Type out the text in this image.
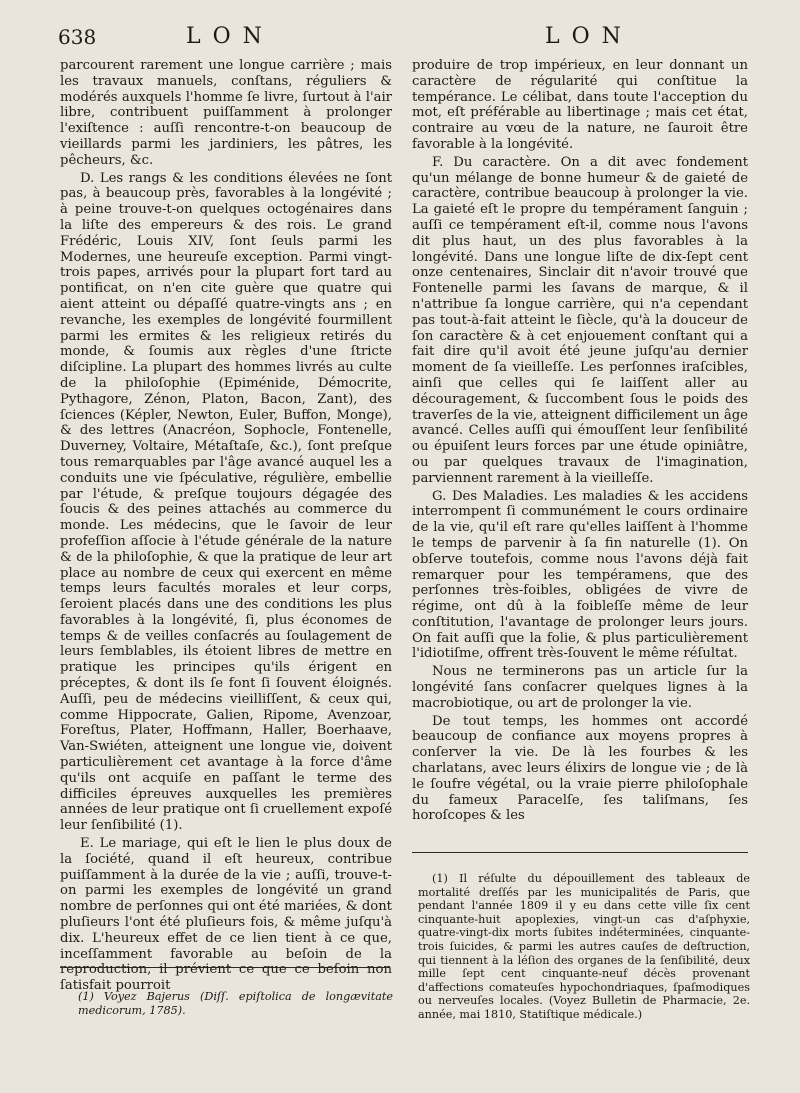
638	LON	LON

parcourent rarement une longue carrière ; mais les travaux manuels, conſtans, réguliers & modérés auxquels l'homme ſe livre, ſurtout à l'air libre, contribuent puiſſamment à prolonger l'exiſtence : auſſi rencontre-t-on beaucoup de vieillards parmi les jardiniers, les pâtres, les pêcheurs, &c.

D. Les rangs & les conditions élevées ne ſont pas, à beaucoup près, favorables à la longévité ; à peine trouve-t-on quelques octogénaires dans la liſte des empereurs & des rois. Le grand Frédéric, Louis XIV, ſont ſeuls parmi les Modernes, une heureuſe exception. Parmi vingt-trois papes, arrivés pour la plupart fort tard au pontificat, on n'en cite guère que quatre qui aient atteint ou dépaſſé quatre-vingts ans ; en revanche, les exemples de longévité fourmillent parmi les ermites & les religieux retirés du monde, & ſoumis aux règles d'une ſtricte diſcipline. La plupart des hommes livrés au culte de la philoſophie (Epiménide, Démocrite, Pythagore, Zénon, Platon, Bacon, Zant), des ſciences (Képler, Newton, Euler, Buffon, Monge), & des lettres (Anacréon, Sophocle, Fontenelle, Duverney, Voltaire, Métaſtaſe, &c.), ſont preſque tous remarquables par l'âge avancé auquel les a conduits une vie ſpéculative, régulière, embellie par l'étude, & preſque toujours dégagée des ſoucis & des peines attachés au commerce du monde. Les médecins, que le ſavoir de leur profeſſion aſſocie à l'étude générale de la nature & de la philoſophie, & que la pratique de leur art place au nombre de ceux qui exercent en même temps leurs facultés morales et leur corps, ſeroient placés dans une des conditions les plus favorables à la longévité, ſi, plus économes de temps & de veilles conſacrés au ſoulagement de leurs ſemblables, ils étoient libres de mettre en pratique les principes qu'ils érigent en préceptes, & dont ils ſe font ſi ſouvent éloignés. Auſſi, peu de médecins vieilliſſent, & ceux qui, comme Hippocrate, Galien, Ripome, Avenzoar, Foreſtus, Plater, Hoffmann, Haller, Boerhaave, Van-Swiéten, atteignent une longue vie, doivent particulièrement cet avantage à la force d'âme qu'ils ont acquiſe en paſſant le terme des difficiles épreuves auxquelles les premières années de leur pratique ont ſi cruellement expoſé leur ſenſibilité (1).

E. Le mariage, qui eſt le lien le plus doux de la ſociété, quand il eſt heureux, contribue puiſſamment à la durée de la vie ; auſſi, trouve-t-on parmi les exemples de longévité un grand nombre de perſonnes qui ont été mariées, & dont pluſieurs l'ont été pluſieurs fois, & même juſqu'à dix. L'heureux effet de ce lien tient à ce que, inceſſamment favorable au beſoin de la reproduction, il prévient ce que ce beſoin non ſatisfait pourroit

produire de trop impérieux, en leur donnant un caractère de régularité qui conſtitue la tempérance. Le célibat, dans toute l'acception du mot, eſt préférable au libertinage ; mais cet état, contraire au vœu de la nature, ne ſauroit être favorable à la longévité.

F. Du caractère. On a dit avec fondement qu'un mélange de bonne humeur & de gaieté de caractère, contribue beaucoup à prolonger la vie. La gaieté eſt le propre du tempérament ſanguin ; auſſi ce tempérament eſt-il, comme nous l'avons dit plus haut, un des plus favorables à la longévité. Dans une longue liſte de dix-ſept cent onze centenaires, Sinclair dit n'avoir trouvé que Fontenelle parmi les ſavans de marque, & il n'attribue ſa longue carrière, qui n'a cependant pas tout-à-fait atteint le ſiècle, qu'à la douceur de ſon caractère & à cet enjouement conſtant qui a fait dire qu'il avoit été jeune juſqu'au dernier moment de ſa vieilleſſe. Les perſonnes iraſcibles, ainſi que celles qui ſe laiſſent aller au découragement, & ſuccombent ſous le poids des traverſes de la vie, atteignent difficilement un âge avancé. Celles auſſi qui émouſſent leur ſenſibilité ou épuiſent leurs forces par une étude opiniâtre, ou par quelques travaux de l'imagination, parviennent rarement à la vieilleſſe.

G. Des Maladies. Les maladies & les accidens interrompent ſi communément le cours ordinaire de la vie, qu'il eſt rare qu'elles laiſſent à l'homme le temps de parvenir à ſa fin naturelle (1). On obſerve toutefois, comme nous l'avons déjà fait remarquer pour les tempéramens, que des perſonnes très-foibles, obligées de vivre de régime, ont dû à la foibleſſe même de leur conſtitution, l'avantage de prolonger leurs jours. On fait auſſi que la folie, & plus particulièrement l'idiotiſme, offrent très-ſouvent le même réſultat.

Nous ne terminerons pas un article ſur la longévité ſans conſacrer quelques lignes à la macrobiotique, ou art de prolonger la vie.

De tout temps, les hommes ont accordé beaucoup de confiance aux moyens propres à conſerver la vie. De là les fourbes & les charlatans, avec leurs élixirs de longue vie ; de là le ſoufre végétal, ou la vraie pierre philoſophale du fameux Paracelſe, ſes taliſmans, ſes horoſcopes & les

(1) Voyez Bajerus (Diſſ. epiſtolica de longævitate medicorum, 1785).

(1) Il réſulte du dépouillement des tableaux de mortalité dreſſés par les municipalités de Paris, que pendant l'année 1809 il y eu dans cette ville ſix cent cinquante-huit apoplexies, vingt-un cas d'aſphyxie, quatre-vingt-dix morts ſubites indéterminées, cinquante-trois ſuicides, & parmi les autres cauſes de deſtruction, qui tiennent à la léſion des organes de la ſenſibilité, deux mille ſept cent cinquante-neuf décès provenant d'affections comateuſes hypochondriaques, ſpaſmodiques ou nerveuſes locales. (Voyez Bulletin de Pharmacie, 2e. année, mai 1810, Statiſtique médicale.)
